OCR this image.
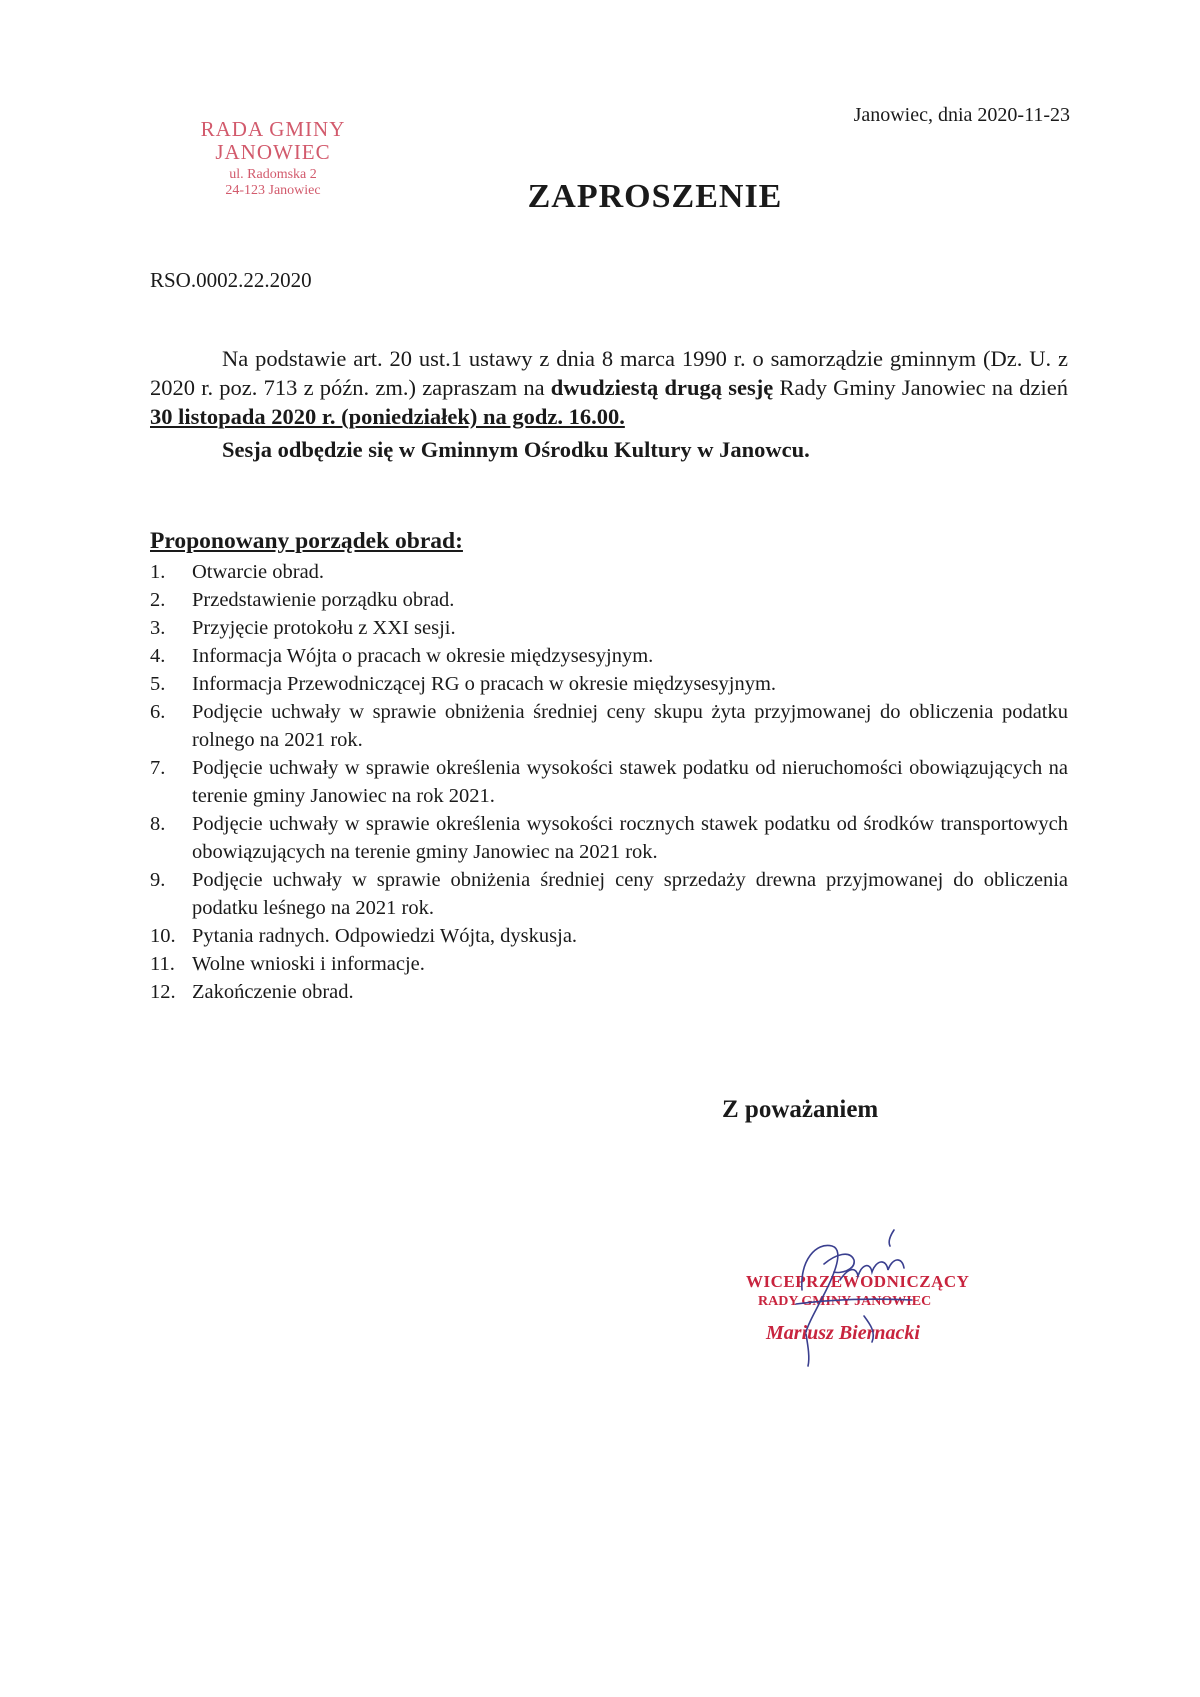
RADA GMINY
JANOWIEC
ul. Radomska 2
24-123 Janowiec
Janowiec, dnia 2020-11-23
ZAPROSZENIE
RSO.0002.22.2020

Na podstawie art. 20 ust.1 ustawy z dnia 8 marca 1990 r. o samorządzie gminnym (Dz. U. z 2020 r. poz. 713 z późn. zm.) zapraszam na dwudziestą drugą sesję Rady Gminy Janowiec na dzień 30 listopada 2020 r. (poniedziałek) na godz. 16.00.

Sesja odbędzie się w Gminnym Ośrodku Kultury w Janowcu.
Proponowany porządek obrad:
1.	Otwarcie obrad.
2.	Przedstawienie porządku obrad.
3.	Przyjęcie protokołu z XXI sesji.
4.	Informacja Wójta o pracach w okresie międzysesyjnym.
5.	Informacja Przewodniczącej RG o pracach w okresie międzysesyjnym.
6.	Podjęcie uchwały w sprawie obniżenia średniej ceny skupu żyta przyjmowanej do obliczenia podatku rolnego na 2021 rok.
7.	Podjęcie uchwały w sprawie określenia wysokości stawek podatku od nieruchomości obowiązujących na terenie gminy Janowiec na rok 2021.
8.	Podjęcie uchwały w sprawie określenia wysokości rocznych stawek podatku od środków transportowych obowiązujących na terenie gminy Janowiec na 2021 rok.
9.	Podjęcie uchwały w sprawie obniżenia średniej ceny sprzedaży drewna przyjmowanej do obliczenia podatku leśnego na 2021 rok.
10. Pytania radnych. Odpowiedzi Wójta, dyskusja.
11. Wolne wnioski i informacje.
12. Zakończenie obrad.
Z poważaniem
WICEPRZEWODNICZĄCY
RADY GMINY JANOWIEC
Mariusz Biernacki
